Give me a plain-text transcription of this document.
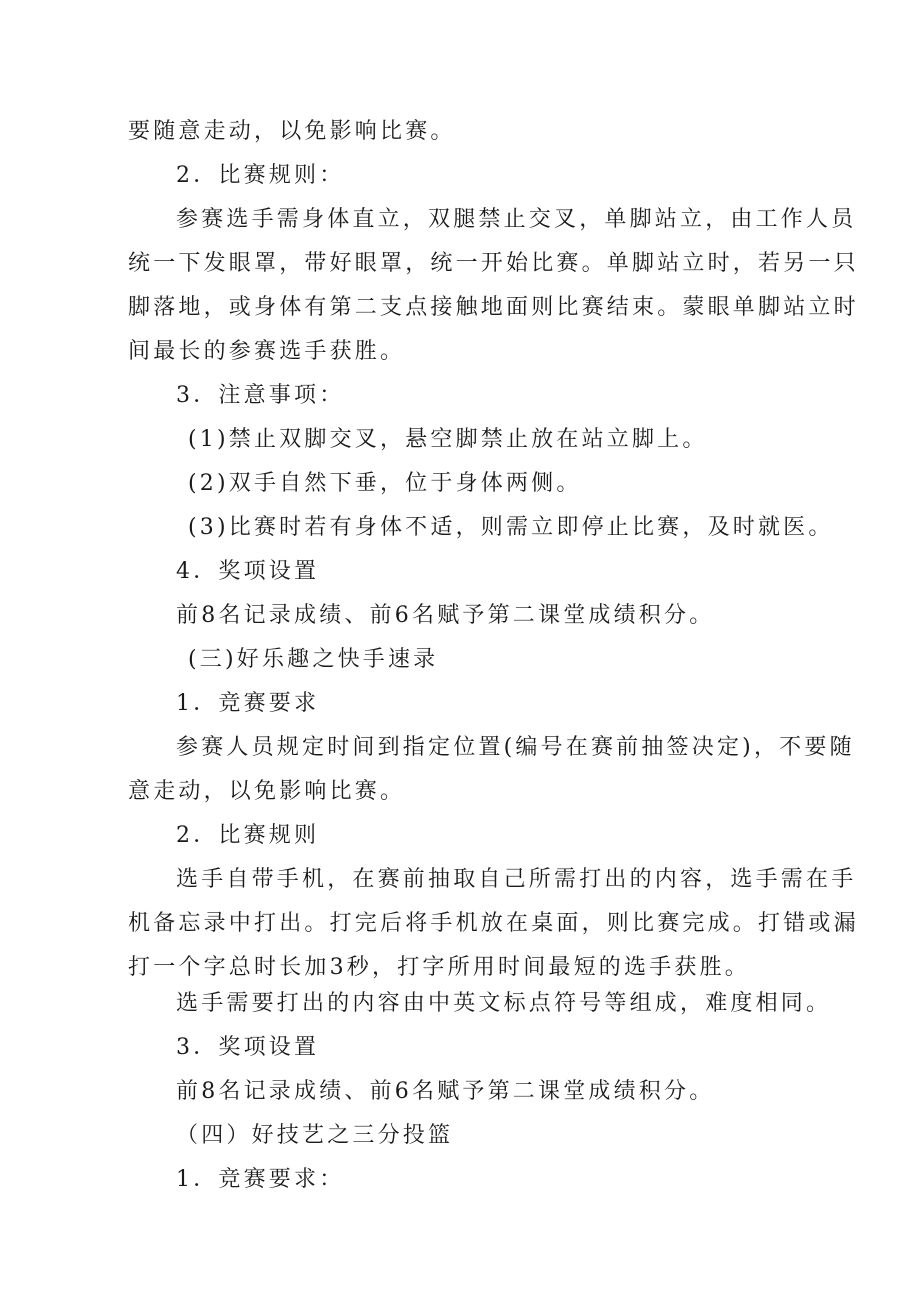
要随意走动，以免影响比赛。

2．比赛规则：

参赛选手需身体直立，双腿禁止交叉，单脚站立，由工作人员

统一下发眼罩，带好眼罩，统一开始比赛。单脚站立时，若另一只

脚落地，或身体有第二支点接触地面则比赛结束。蒙眼单脚站立时

间最长的参赛选手获胜。

3．注意事项：

(1)禁止双脚交叉，悬空脚禁止放在站立脚上。

(2)双手自然下垂，位于身体两侧。

(3)比赛时若有身体不适，则需立即停止比赛，及时就医。

4．奖项设置

前8名记录成绩、前6名赋予第二课堂成绩积分。

(三)好乐趣之快手速录

1．竞赛要求

参赛人员规定时间到指定位置(编号在赛前抽签决定)，不要随

意走动，以免影响比赛。

2．比赛规则

选手自带手机，在赛前抽取自己所需打出的内容，选手需在手

机备忘录中打出。打完后将手机放在桌面，则比赛完成。打错或漏

打一个字总时长加3秒，打字所用时间最短的选手获胜。

选手需要打出的内容由中英文标点符号等组成，难度相同。

3．奖项设置

前8名记录成绩、前6名赋予第二课堂成绩积分。

（四）好技艺之三分投篮

1．竞赛要求：
